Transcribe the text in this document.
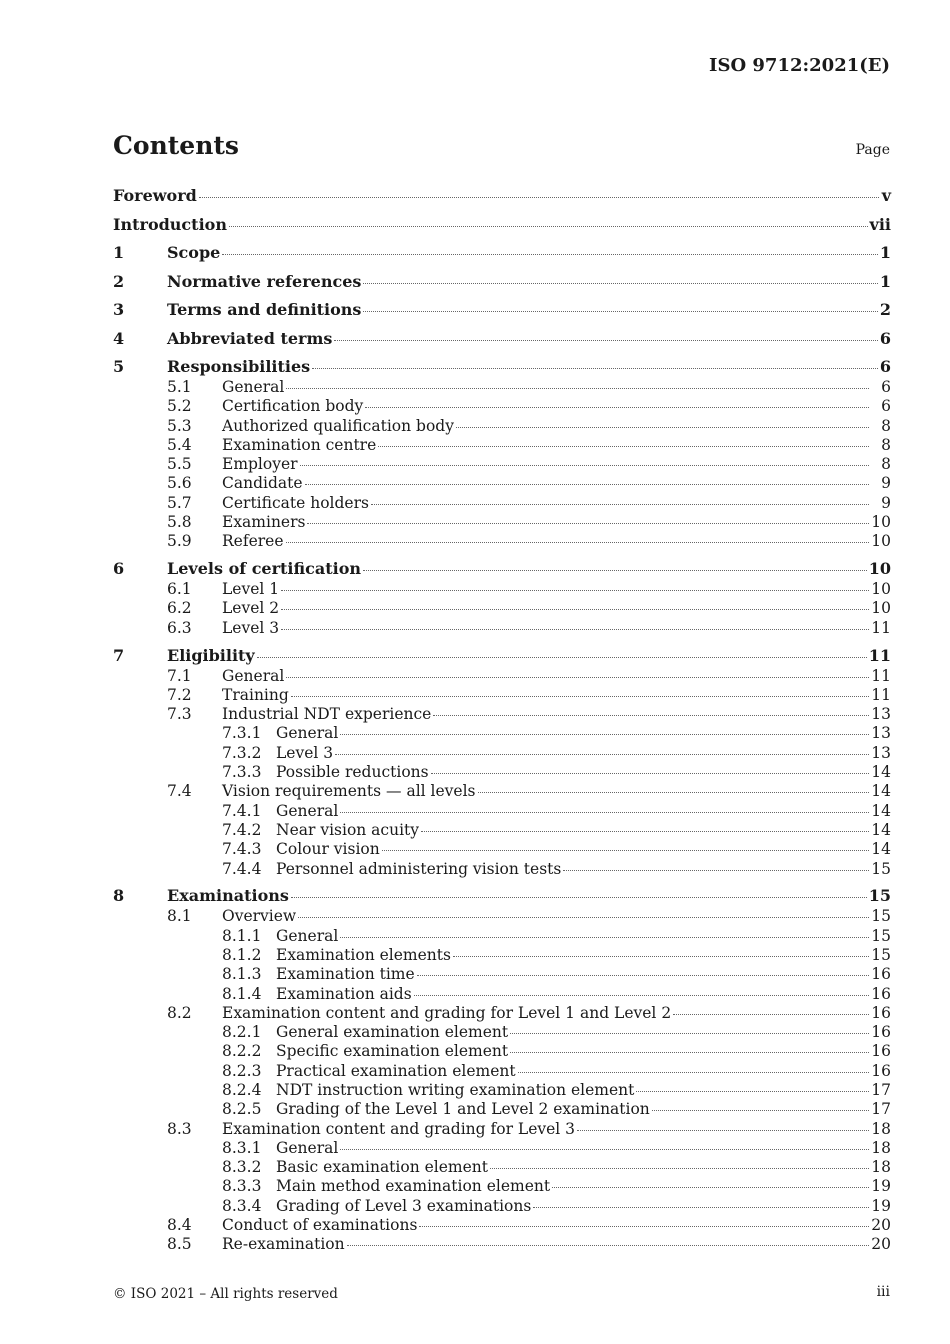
ISO 9712:2021(E)
Contents	Page
Foreword	v
Introduction	vii
1	Scope	1
2	Normative references	1
3	Terms and definitions	2
4	Abbreviated terms	6
5	Responsibilities	6
5.1 General	6
5.2 Certification body	6
5.3 Authorized qualification body	8
5.4 Examination centre	8
5.5 Employer	8
5.6 Candidate	9
5.7 Certificate holders	9
5.8 Examiners	10
5.9 Referee	10
6	Levels of certification	10
6.1 Level 1	10
6.2 Level 2	10
6.3 Level 3	11
7	Eligibility	11
7.1 General	11
7.2 Training	11
7.3 Industrial NDT experience	13
7.3.1 General	13
7.3.2 Level 3	13
7.3.3 Possible reductions	14
7.4 Vision requirements — all levels	14
7.4.1 General	14
7.4.2 Near vision acuity	14
7.4.3 Colour vision	14
7.4.4 Personnel administering vision tests	15
8	Examinations	15
8.1 Overview	15
8.1.1 General	15
8.1.2 Examination elements	15
8.1.3 Examination time	16
8.1.4 Examination aids	16
8.2 Examination content and grading for Level 1 and Level 2	16
8.2.1 General examination element	16
8.2.2 Specific examination element	16
8.2.3 Practical examination element	16
8.2.4 NDT instruction writing examination element	17
8.2.5 Grading of the Level 1 and Level 2 examination	17
8.3 Examination content and grading for Level 3	18
8.3.1 General	18
8.3.2 Basic examination element	18
8.3.3 Main method examination element	19
8.3.4 Grading of Level 3 examinations	19
8.4 Conduct of examinations	20
8.5 Re-examination	20
© ISO 2021 – All rights reserved	iii
